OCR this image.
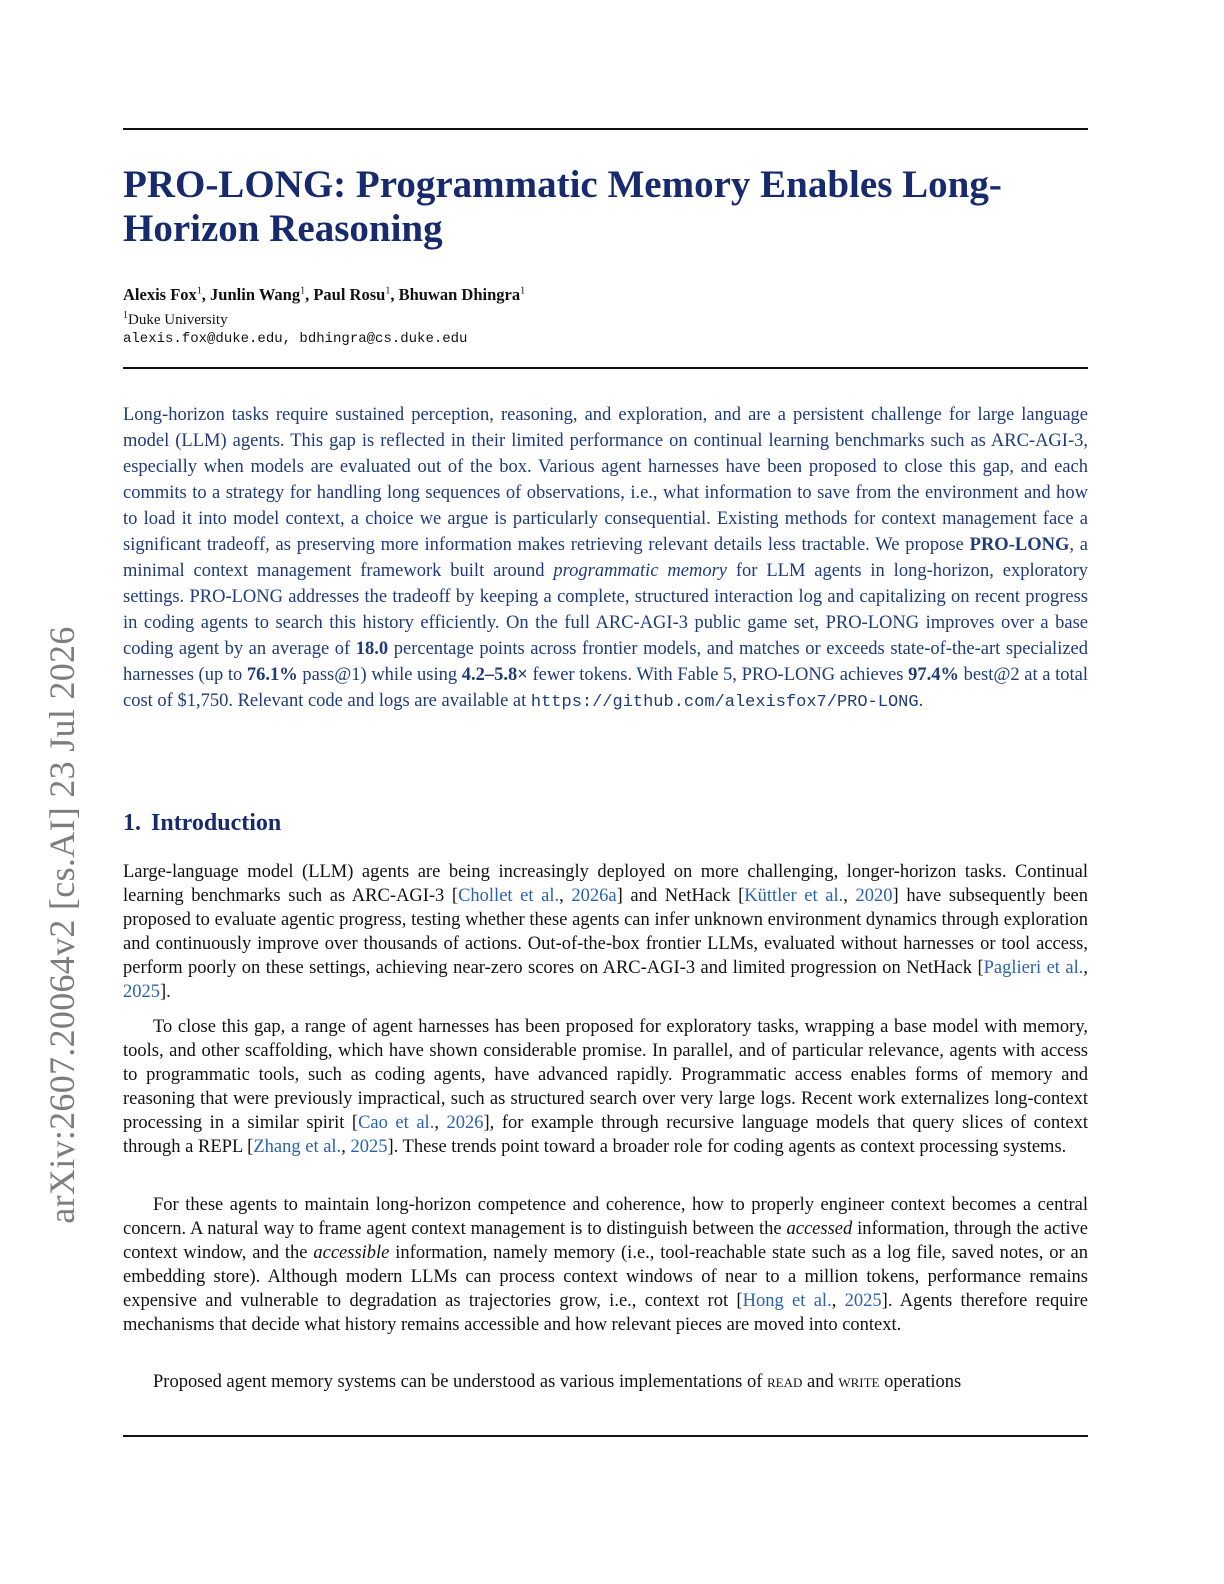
arXiv:2607.20064v2 [cs.AI] 23 Jul 2026
PRO-LONG: Programmatic Memory Enables Long-Horizon Reasoning

Alexis Fox$^1$, Junlin Wang$^1$, Paul Rosu$^1$, Bhuwan Dhingra$^1$

$^1$Duke University

alexis.fox@duke.edu, bdhingra@cs.duke.edu

Long-horizon tasks require sustained perception, reasoning, and exploration, and are a persistent challenge for large language model (LLM) agents. This gap is reflected in their limited performance on continual learning benchmarks such as ARC-AGI-3, especially when models are evaluated out of the box. Various agent harnesses have been proposed to close this gap, and each commits to a strategy for handling long sequences of observations, i.e., what information to save from the environment and how to load it into model context, a choice we argue is particularly consequential. Existing methods for context management face a significant tradeoff, as preserving more information makes retrieving relevant details less tractable. We propose PRO-LONG, a minimal context management framework built around programmatic memory for LLM agents in long-horizon, exploratory settings. PRO-LONG addresses the tradeoff by keeping a complete, structured interaction log and capitalizing on recent progress in coding agents to search this history efficiently. On the full ARC-AGI-3 public game set, PRO-LONG improves over a base coding agent by an average of 18.0 percentage points across frontier models, and matches or exceeds state-of-the-art specialized harnesses (up to 76.1% pass@1) while using 4.2–5.8× fewer tokens. With Fable 5, PRO-LONG achieves 97.4% best@2 at a total cost of $1,750. Relevant code and logs are available at https://github.com/alexisfox7/PRO-LONG.

1. Introduction

Large-language model (LLM) agents are being increasingly deployed on more challenging, longer-horizon tasks. Continual learning benchmarks such as ARC-AGI-3 [Chollet et al., 2026a] and NetHack [Küttler et al., 2020] have subsequently been proposed to evaluate agentic progress, testing whether these agents can infer unknown environment dynamics through exploration and continuously improve over thousands of actions. Out-of-the-box frontier LLMs, evaluated without harnesses or tool access, perform poorly on these settings, achieving near-zero scores on ARC-AGI-3 and limited progression on NetHack [Paglieri et al., 2025].

To close this gap, a range of agent harnesses has been proposed for exploratory tasks, wrapping a base model with memory, tools, and other scaffolding, which have shown considerable promise. In parallel, and of particular relevance, agents with access to programmatic tools, such as coding agents, have advanced rapidly. Programmatic access enables forms of memory and reasoning that were previously impractical, such as structured search over very large logs. Recent work externalizes long-context processing in a similar spirit [Cao et al., 2026], for example through recursive language models that query slices of context through a REPL [Zhang et al., 2025]. These trends point toward a broader role for coding agents as context processing systems.

For these agents to maintain long-horizon competence and coherence, how to properly engineer context becomes a central concern. A natural way to frame agent context management is to distinguish between the accessed information, through the active context window, and the accessible information, namely memory (i.e., tool-reachable state such as a log file, saved notes, or an embedding store). Although modern LLMs can process context windows of near to a million tokens, performance remains expensive and vulnerable to degradation as trajectories grow, i.e., context rot [Hong et al., 2025]. Agents therefore require mechanisms that decide what history remains accessible and how relevant pieces are moved into context.

Proposed agent memory systems can be understood as various implementations of read and write operations
